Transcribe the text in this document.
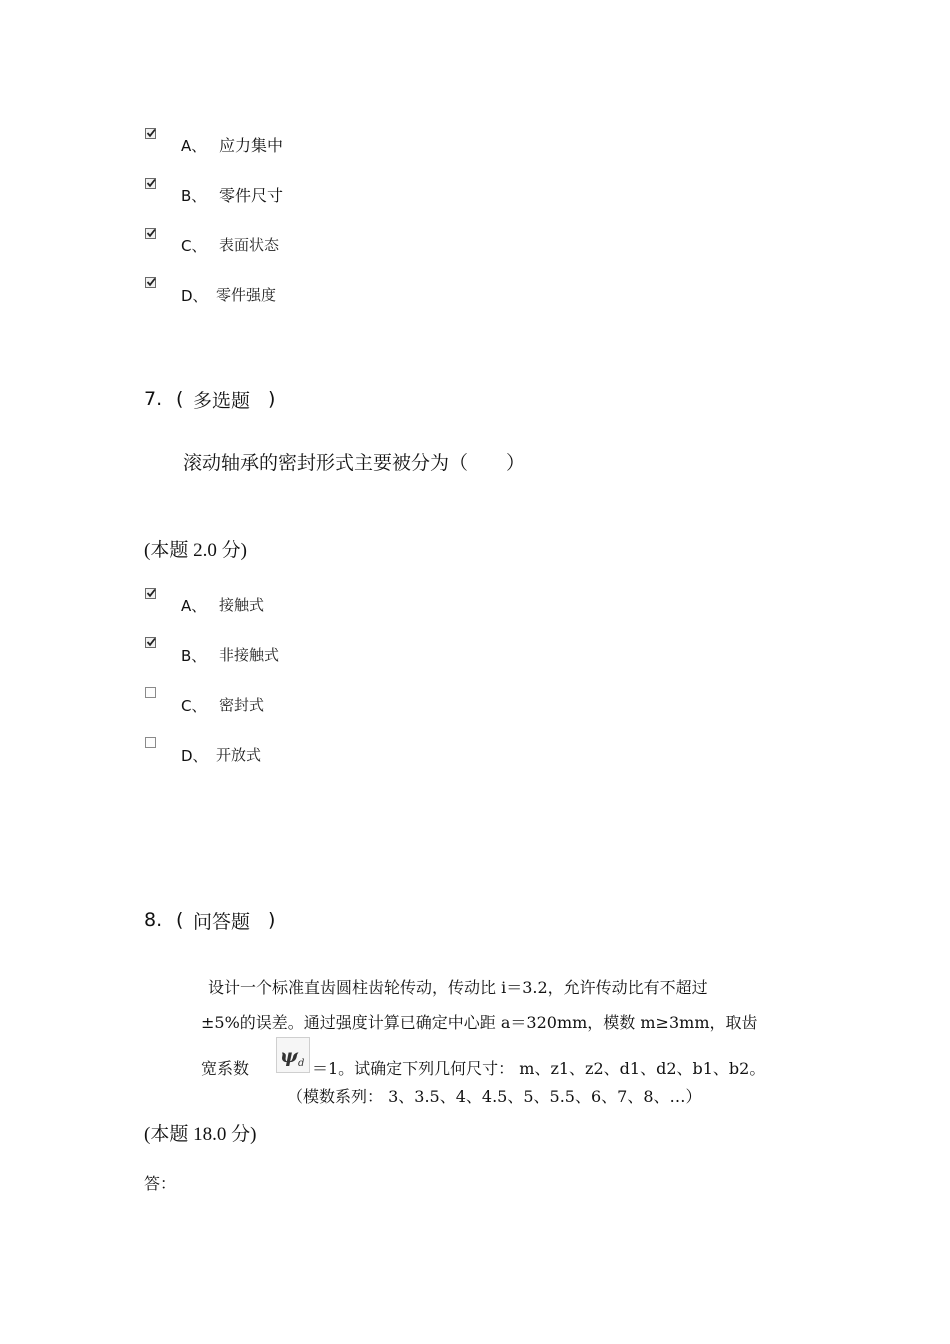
A、 应力集中
B、 零件尺寸
C、 表面状态
D、 零件强度
7. ( 多选题 )
滚动轴承的密封形式主要被分为（　　）
(本题 2.0 分)
A、 接触式
B、 非接触式
C、 密封式
D、 开放式
8. ( 问答题 )
设计一个标准直齿圆柱齿轮传动，传动比 i＝3.2，允许传动比有不超过
±5%的误差。通过强度计算已确定中心距 a＝320mm，模数 m≥3mm，取齿
宽系数
ψ d ＝1。试确定下列几何尺寸： m、z1、z2、d1、d2、b1、b2。
（模数系列： 3、3.5、4、4.5、5、5.5、6、7、8、…）
(本题 18.0 分)
答：
